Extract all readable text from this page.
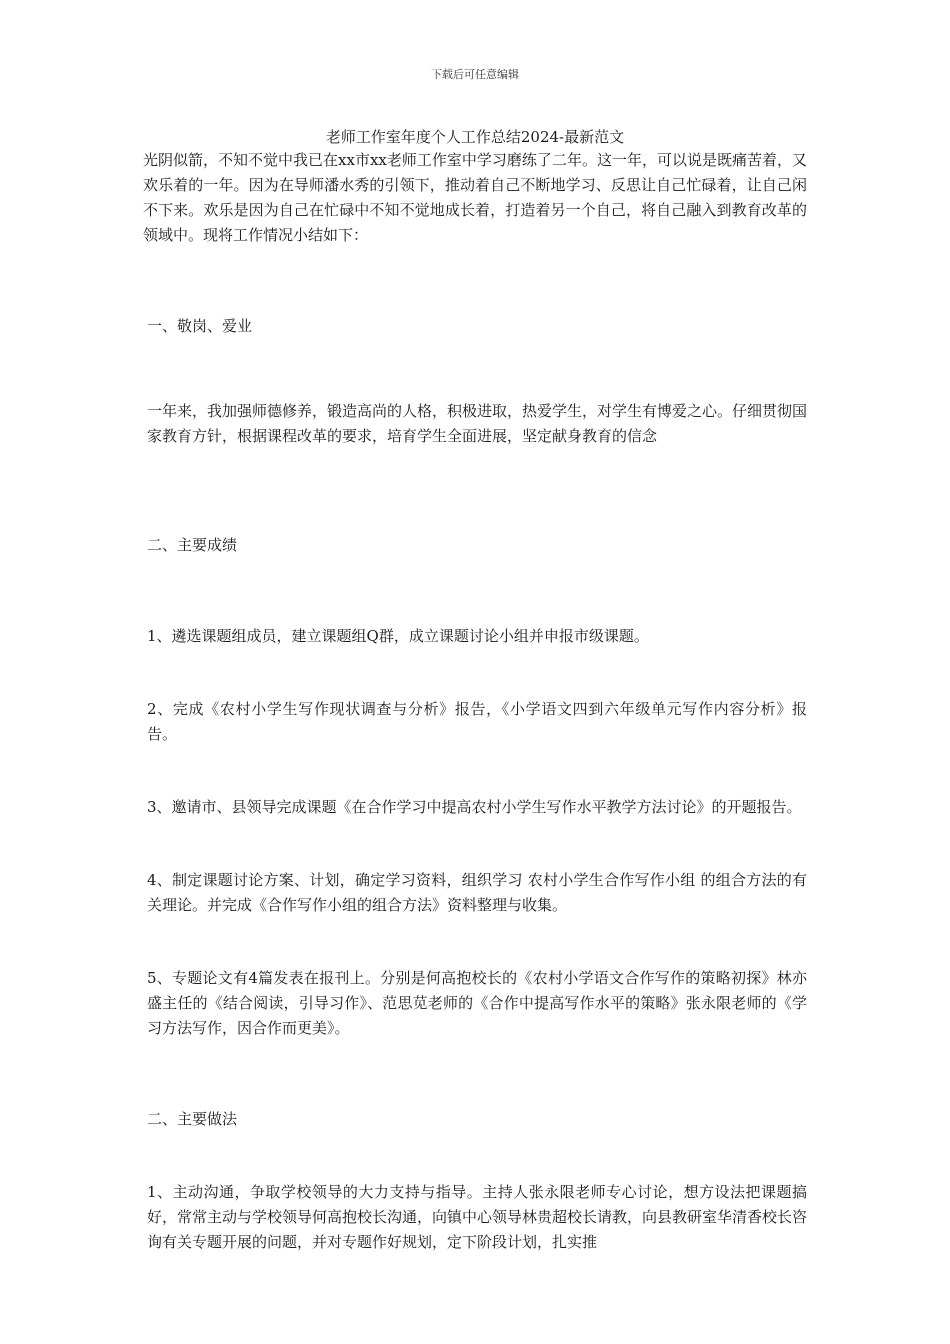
下载后可任意编辑
老师工作室年度个人工作总结2024-最新范文

光阴似箭，不知不觉中我已在xx市xx老师工作室中学习磨练了二年。这一年，可以说是既痛苦着，又欢乐着的一年。因为在导师潘水秀的引领下，推动着自己不断地学习、反思让自己忙碌着，让自己闲不下来。欢乐是因为自己在忙碌中不知不觉地成长着，打造着另一个自己，将自己融入到教育改革的领域中。现将工作情况小结如下：

一、敬岗、爱业

一年来，我加强师德修养，锻造高尚的人格，积极进取，热爱学生，对学生有博爱之心。仔细贯彻国家教育方针，根据课程改革的要求，培育学生全面进展，坚定献身教育的信念

二、主要成绩

1、遴选课题组成员，建立课题组Q群，成立课题讨论小组并申报市级课题。

2、完成《农村小学生写作现状调查与分析》报告，《小学语文四到六年级单元写作内容分析》报告。

3、邀请市、县领导完成课题《在合作学习中提高农村小学生写作水平教学方法讨论》的开题报告。

4、制定课题讨论方案、计划，确定学习资料，组织学习 农村小学生合作写作小组 的组合方法的有关理论。并完成《合作写作小组的组合方法》资料整理与收集。

5、专题论文有4篇发表在报刊上。分别是何高抱校长的《农村小学语文合作写作的策略初探》林亦盛主任的《结合阅读，引导习作》、范思苋老师的《合作中提高写作水平的策略》张永限老师的《学习方法写作，因合作而更美》。

二、主要做法

1、主动沟通，争取学校领导的大力支持与指导。主持人张永限老师专心讨论，想方设法把课题搞好，常常主动与学校领导何高抱校长沟通，向镇中心领导林贵超校长请教，向县教研室华清香校长咨询有关专题开展的问题，并对专题作好规划，定下阶段计划，扎实推
